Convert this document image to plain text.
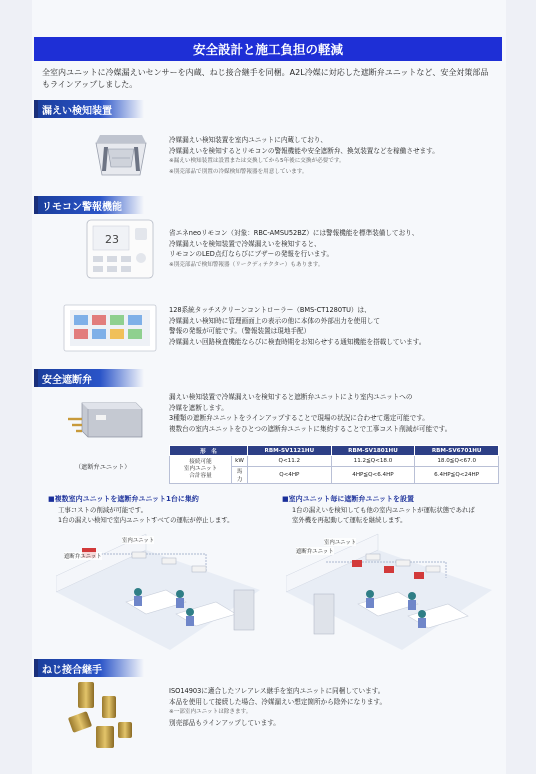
安全設計と施工負担の軽減
全室内ユニットに冷媒漏えいセンサーを内蔵、ねじ接合継手を同梱。A2L冷媒に対応した遮断弁ユニットなど、安全対策部品もラインアップしました。
漏えい検知装置
冷媒漏えい検知装置を室内ユニットに内蔵しており、
冷媒漏えいを検知するとリモコンの警報機能や安全遮断弁、換気装置などを稼働させます。
※漏えい検知装置は設置または交換してから5年後に交換が必要です。
※別売部品で別置の冷媒検知警報器を用意しています。
リモコン警報機能
23	省エネneoリモコン（対象：RBC-AMSU52BZ）には警報機能を標準装備しており、
冷媒漏えいを検知装置で冷媒漏えいを検知すると、
リモコンのLED点灯ならびにブザーの発報を行います。
※別売部品で検知警報器（リークディテクター）もあります。
128系統タッチスクリーンコントローラー（BMS-CT1280TU）は、
冷媒漏えい検知時に管理画面上の表示の他に本体の外部出力を使用して
警報の発報が可能です。（警報装置は現地手配）
冷媒漏えい回路検査機能ならびに検査時期をお知らせする通知機能を搭載しています。
安全遮断弁
（遮断弁ユニット）
漏えい検知装置で冷媒漏えいを検知すると遮断弁ユニットにより室内ユニットへの
冷媒を遮断します。
3種類の遮断弁ユニットをラインアップすることで現場の状況に合わせて選定可能です。
複数台の室内ユニットをひとつの遮断弁ユニットに集約することで工事コスト削減が可能です。
形　名		RBM-SV1121HU	RBM-SV1801HU	RBM-SV6701HU
接続可能
室内ユニット
合計容量	kW	Q<11.2	11.2≦Q<18.0	18.0≦Q<67.0
	馬力	Q<4HP	4HP≦Q<6.4HP	6.4HP≦Q<24HP
■複数室内ユニットを遮断弁ユニット1台に集約
工事コストの削減が可能です。
1台の漏えい検知で室内ユニットすべての運転が停止します。
■室内ユニット毎に遮断弁ユニットを設置
1台の漏えいを検知しても他の室内ユニットが運転状態であれば
室外機を再起動して運転を継続します。
室内ユニット
遮断弁ユニット
室内ユニット
遮断弁ユニット
ねじ接合継手
ISO14903に適合したフレアレス継手を室内ユニットに同梱しています。
本品を使用して接続した場合、冷媒漏えい想定箇所から除外になります。
※一部室内ユニットは除きます。
別売部品もラインアップしています。
